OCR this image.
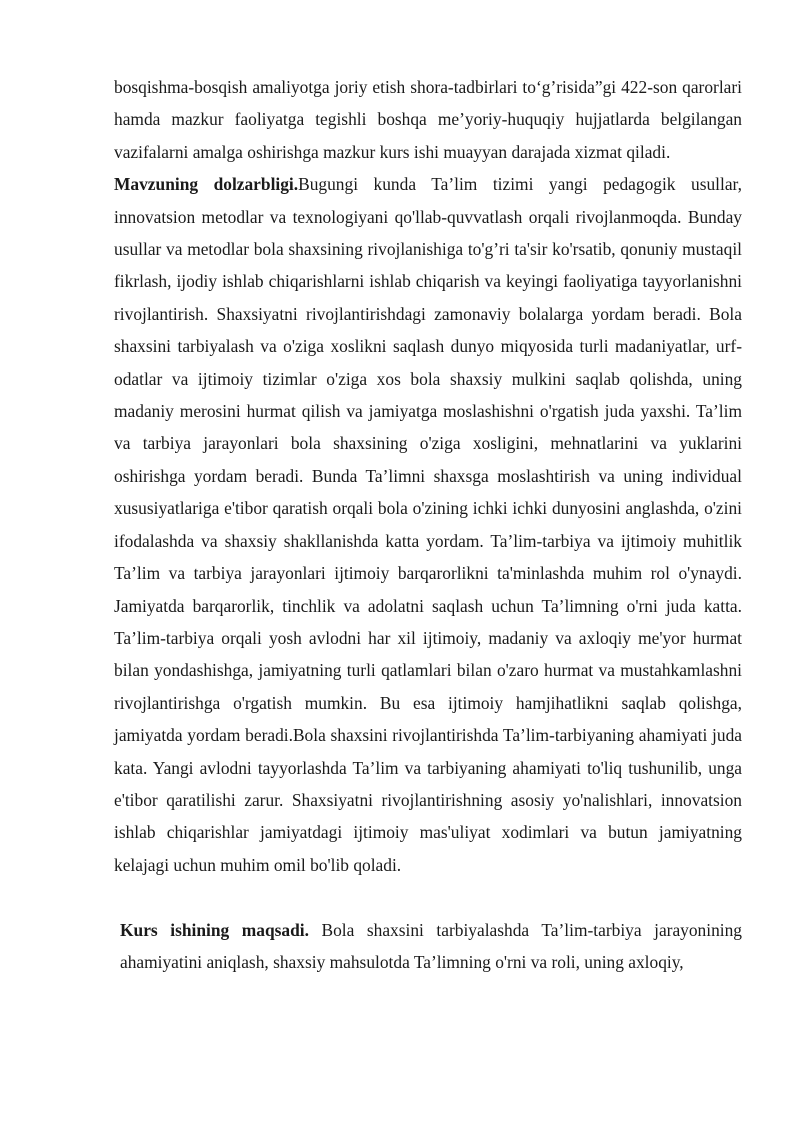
bosqishma-bosqish amaliyotga joriy etish shora-tadbirlari to‘g’risida”gi 422-son qarorlari hamda mazkur faoliyatga tegishli boshqa me’yoriy-huquqiy hujjatlarda belgilangan vazifalarni amalga oshirishga mazkur kurs ishi muayyan darajada xizmat qiladi.

Mavzuning dolzarbligi.Bugungi kunda Ta’lim tizimi yangi pedagogik usullar, innovatsion metodlar va texnologiyani qo'llab-quvvatlash orqali rivojlanmoqda. Bunday usullar va metodlar bola shaxsining rivojlanishiga to'g’ri ta'sir ko'rsatib, qonuniy mustaqil fikrlash, ijodiy ishlab chiqarishlarni ishlab chiqarish va keyingi faoliyatiga tayyorlanishni rivojlantirish. Shaxsiyatni rivojlantirishdagi zamonaviy bolalarga yordam beradi. Bola shaxsini tarbiyalash va o'ziga xoslikni saqlash dunyo miqyosida turli madaniyatlar, urf-odatlar va ijtimoiy tizimlar o'ziga xos bola shaxsiy mulkini saqlab qolishda, uning madaniy merosini hurmat qilish va jamiyatga moslashishni o'rgatish juda yaxshi. Ta’lim va tarbiya jarayonlari bola shaxsining o'ziga xosligini, mehnatlarini va yuklarini oshirishga yordam beradi. Bunda Ta’limni shaxsga moslashtirish va uning individual xususiyatlariga e'tibor qaratish orqali bola o'zining ichki ichki dunyosini anglashda, o'zini ifodalashda va shaxsiy shakllanishda katta yordam. Ta’lim-tarbiya va ijtimoiy muhitlik Ta’lim va tarbiya jarayonlari ijtimoiy barqarorlikni ta'minlashda muhim rol o'ynaydi. Jamiyatda barqarorlik, tinchlik va adolatni saqlash uchun Ta’limning o'rni juda katta. Ta’lim-tarbiya orqali yosh avlodni har xil ijtimoiy, madaniy va axloqiy me'yor hurmat bilan yondashishga, jamiyatning turli qatlamlari bilan o'zaro hurmat va mustahkamlashni rivojlantirishga o'rgatish mumkin. Bu esa ijtimoiy hamjihatlikni saqlab qolishga, jamiyatda yordam beradi.Bola shaxsini rivojlantirishda Ta’lim-tarbiyaning ahamiyati juda kata. Yangi avlodni tayyorlashda Ta’lim va tarbiyaning ahamiyati to'liq tushunilib, unga e'tibor qaratilishi zarur. Shaxsiyatni rivojlantirishning asosiy yo'nalishlari, innovatsion ishlab chiqarishlar jamiyatdagi ijtimoiy mas'uliyat xodimlari va butun jamiyatning kelajagi uchun muhim omil bo'lib qoladi.

Kurs ishining maqsadi. Bola shaxsini tarbiyalashda Ta’lim-tarbiya jarayonining ahamiyatini aniqlash, shaxsiy mahsulotda Ta’limning o'rni va roli, uning axloqiy,
